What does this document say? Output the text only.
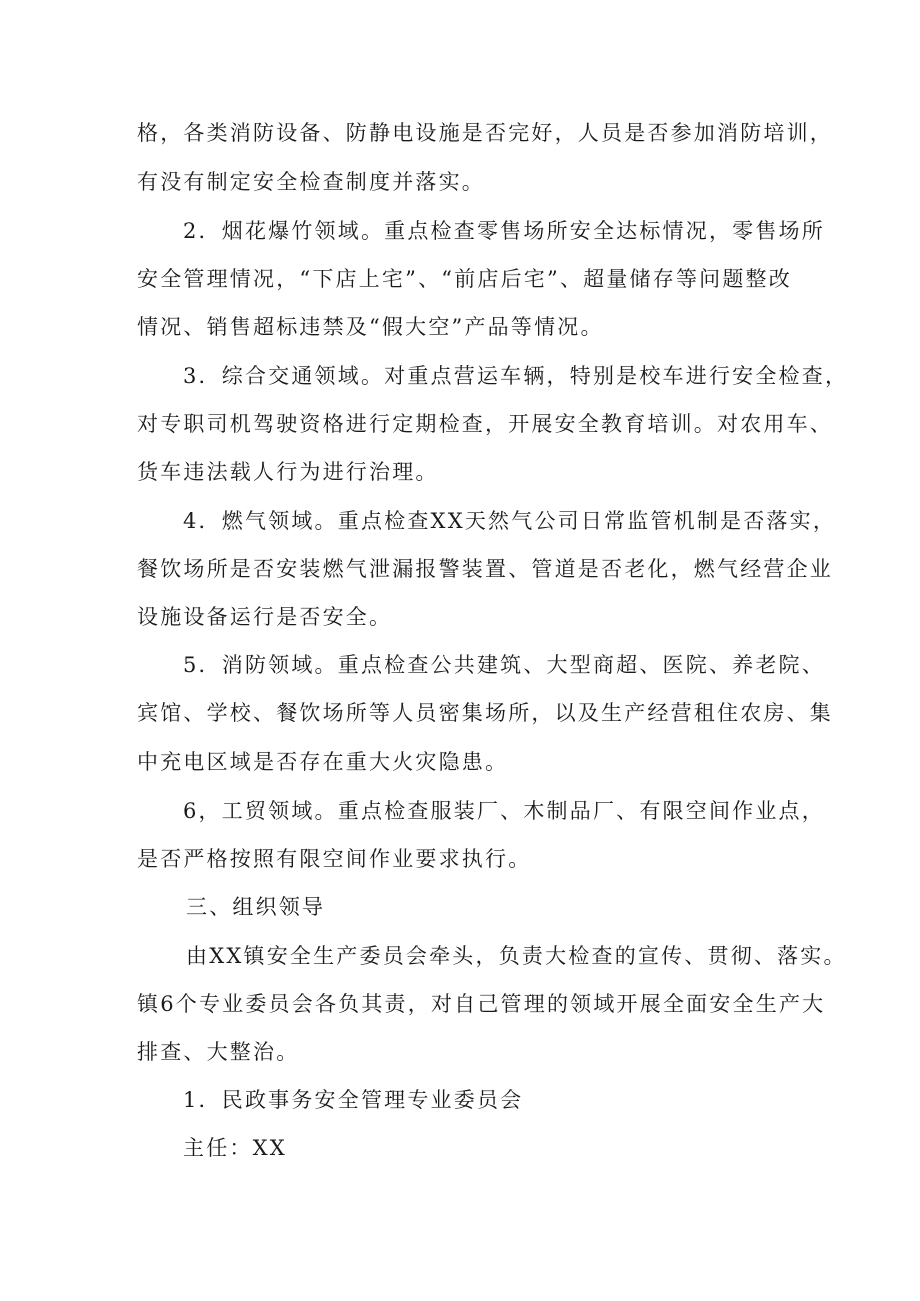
格，各类消防设备、防静电设施是否完好，人员是否参加消防培训，
有没有制定安全检查制度并落实。
2．烟花爆竹领域。重点检查零售场所安全达标情况，零售场所
安全管理情况，“下店上宅”、“前店后宅”、超量储存等问题整改
情况、销售超标违禁及“假大空”产品等情况。
3．综合交通领域。对重点营运车辆，特别是校车进行安全检查，
对专职司机驾驶资格进行定期检查，开展安全教育培训。对农用车、
货车违法载人行为进行治理。
4．燃气领域。重点检查XX天然气公司日常监管机制是否落实，
餐饮场所是否安装燃气泄漏报警装置、管道是否老化，燃气经营企业
设施设备运行是否安全。
5．消防领域。重点检查公共建筑、大型商超、医院、养老院、
宾馆、学校、餐饮场所等人员密集场所，以及生产经营租住农房、集
中充电区域是否存在重大火灾隐患。
6，工贸领域。重点检查服装厂、木制品厂、有限空间作业点，
是否严格按照有限空间作业要求执行。
三、组织领导
由XX镇安全生产委员会牵头，负责大检查的宣传、贯彻、落实。
镇6个专业委员会各负其责，对自己管理的领域开展全面安全生产大
排查、大整治。
1．民政事务安全管理专业委员会
主任：XX
